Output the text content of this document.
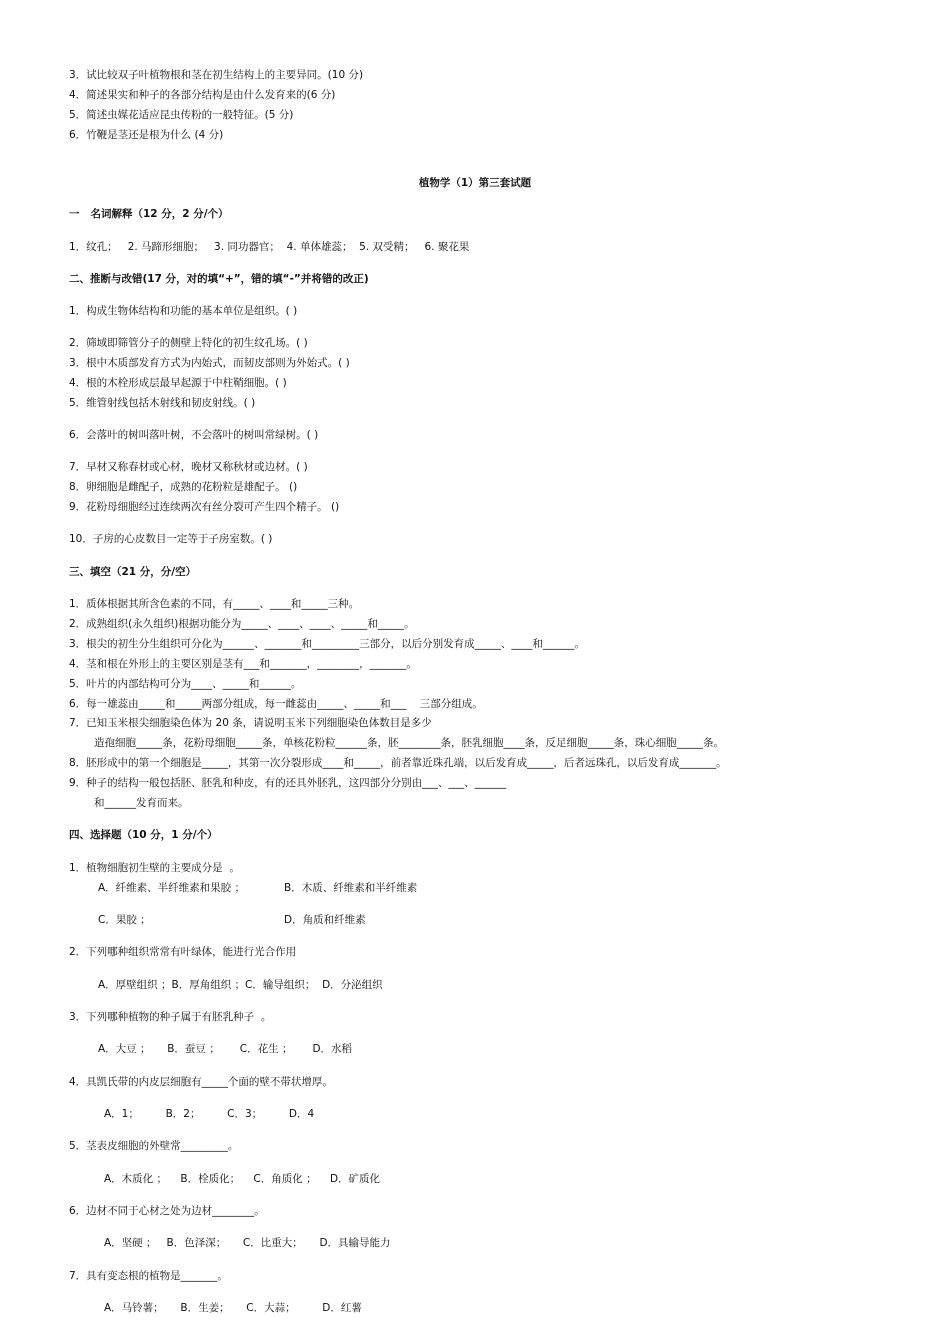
3．试比较双子叶植物根和茎在初生结构上的主要异同。(10 分)
4．简述果实和种子的各部分结构是由什么发育来的(6 分)
5．简述虫媒花适应昆虫传粉的一般特征。(5 分)
6．竹鞭是茎还是根为什么 (4 分)
植物学（1）第三套试题
一   名词解释（12 分，2 分/个）
1．纹孔；   2. 马蹄形细胞；   3. 同功器官；  4. 单体雄蕊；  5. 双受精；   6. 聚花果
二、推断与改错(17 分，对的填“+”，错的填“-”并将错的改正)
1．构成生物体结构和功能的基本单位是组织。( )
2．筛域即筛管分子的侧壁上特化的初生纹孔场。( )
3．根中木质部发育方式为内始式，而韧皮部则为外始式。( )
4．根的木栓形成层最早起源于中柱鞘细胞。( )
5．维管射线包括木射线和韧皮射线。( )
6．会落叶的树叫落叶树，不会落叶的树叫常绿树。( )
7．早材又称春材或心材，晚材又称秋材或边材。( )
8．卵细胞是雌配子，成熟的花粉粒是雄配子。 ()
9．花粉母细胞经过连续两次有丝分裂可产生四个精子。 ()
10．子房的心皮数目一定等于子房室数。( )
三、填空（21 分，分/空）
1．质体根据其所含色素的不同，有_____、____和_____三种。
2．成熟组织(永久组织)根据功能分为_____、____、____、_____和_____。
3．根尖的初生分生组织可分化为______、_______和_________三部分，以后分别发育成_____、____和______。
4．茎和根在外形上的主要区别是茎有___和_______，________，_______。
5．叶片的内部结构可分为____、_____和______。
6．每一雄蕊由_____和_____两部分组成，每一雌蕊由_____、_____和___    三部分组成。
7．已知玉米根尖细胞染色体为 20 条，请说明玉米下列细胞染色体数目是多少
造孢细胞_____条，花粉母细胞_____条，单核花粉粒______条，胚________条，胚乳细胞____条，反足细胞_____条，珠心细胞_____条。
8．胚形成中的第一个细胞是_____，其第一次分裂形成____和_____，前者靠近珠孔端，以后发育成_____，后者远珠孔，以后发育成_______。
9．种子的结构一般包括胚、胚乳和种皮，有的还具外胚乳，这四部分分别由___、___、______
和______发育而来。
四、选择题（10 分，1 分/个）
1．植物细胞初生壁的主要成分是  。
A．纤维素、半纤维素和果胶 ；	B．木质、纤维素和半纤维素
C．果胶 ；	D．角质和纤维素
2．下列哪种组织常常有叶绿体，能进行光合作用
A．厚壁组织 ；B．厚角组织 ；C．输导组织；  D．分泌组织
3．下列哪种植物的种子属于有胚乳种子  。
A．大豆 ；     B．蚕豆 ；      C．花生 ；      D．水稻
4．具凯氏带的内皮层细胞有_____个面的壁不带状增厚。
A．1；        B．2；        C．3；        D．4
5．茎表皮细胞的外壁常_________。
A．木质化 ；    B．栓质化；    C．角质化 ；    D．矿质化
6．边材不同于心材之处为边材________。
A．坚硬 ；   B．色泽深；     C．比重大；     D．具输导能力
7．具有变态根的植物是_______。
A．马铃薯；     B．生姜；     C．大蒜；        D．红薯
